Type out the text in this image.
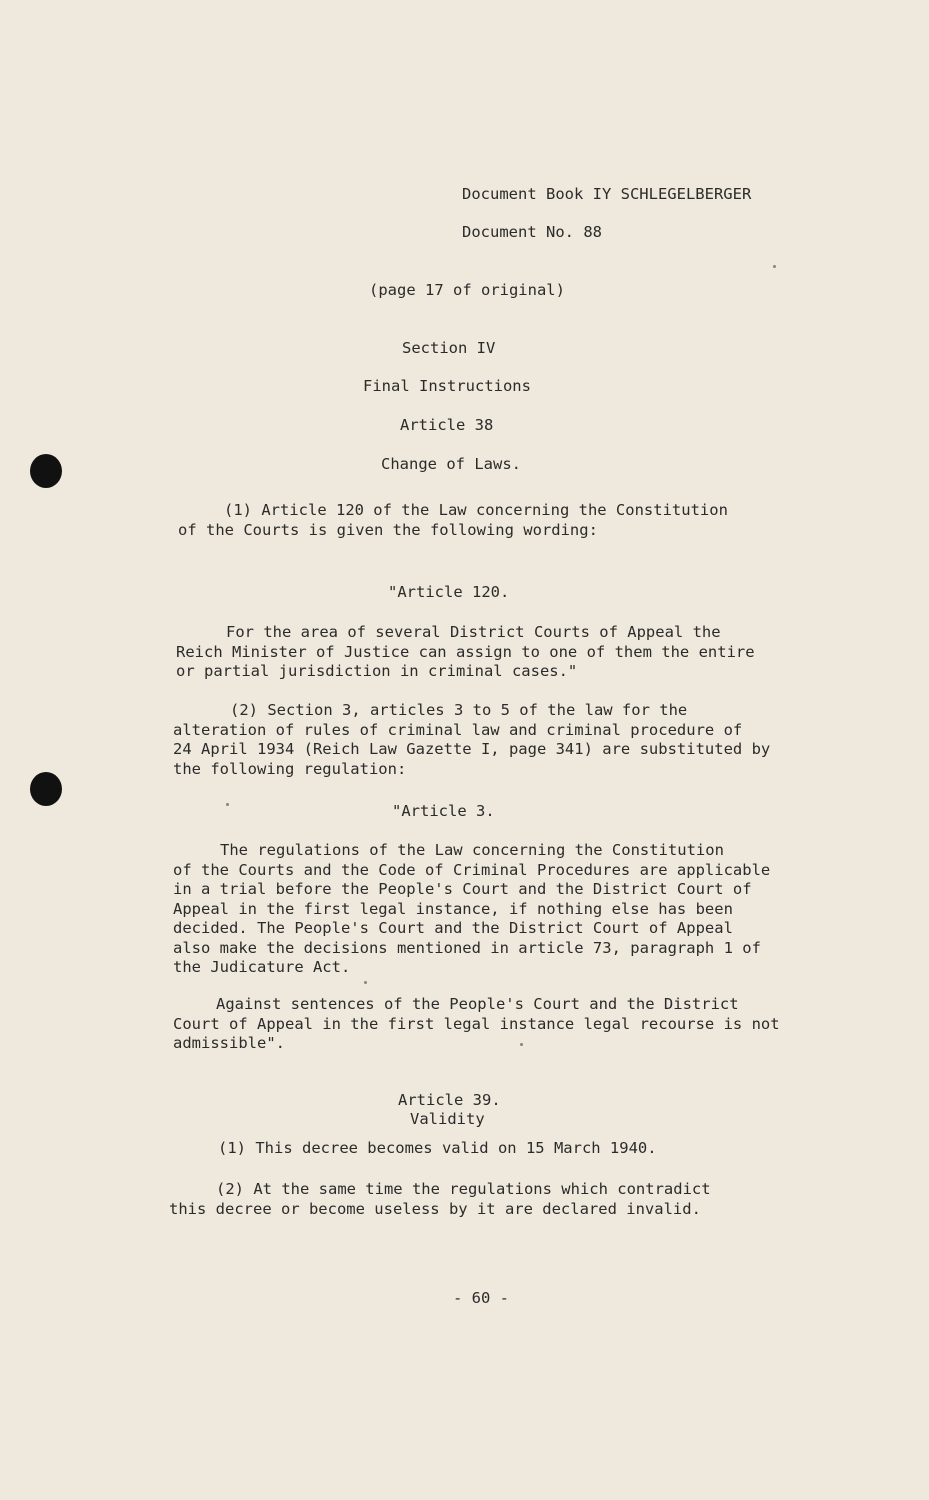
Document Book IY SCHLEGELBERGER
Document No. 88
(page 17 of original)
Section IV
Final Instructions
Article 38
Change of Laws.
(1) Article 120 of the Law concerning the Constitution
of the Courts is given the following wording:
"Article 120.
For the area of several District Courts of Appeal the
Reich Minister of Justice can assign to one of them the entire
or partial jurisdiction in criminal cases."
(2) Section 3, articles 3 to 5 of the law for the
alteration of rules of criminal law and criminal procedure of
24 April 1934 (Reich Law Gazette I, page 341) are substituted by
the following regulation:
"Article 3.
The regulations of the Law concerning the Constitution
of the Courts and the Code of Criminal Procedures are applicable
in a trial before the People's Court and the District Court of
Appeal in the first legal instance, if nothing else has been
decided. The People's Court and the District Court of Appeal
also make the decisions mentioned in article 73, paragraph 1 of
the Judicature Act.
Against sentences of the People's Court and the District
Court of Appeal in the first legal instance legal recourse is not
admissible".
Article 39.
Validity
(1) This decree becomes valid on 15 March 1940.
(2) At the same time the regulations which contradict
this decree or become useless by it are declared invalid.
- 60 -
